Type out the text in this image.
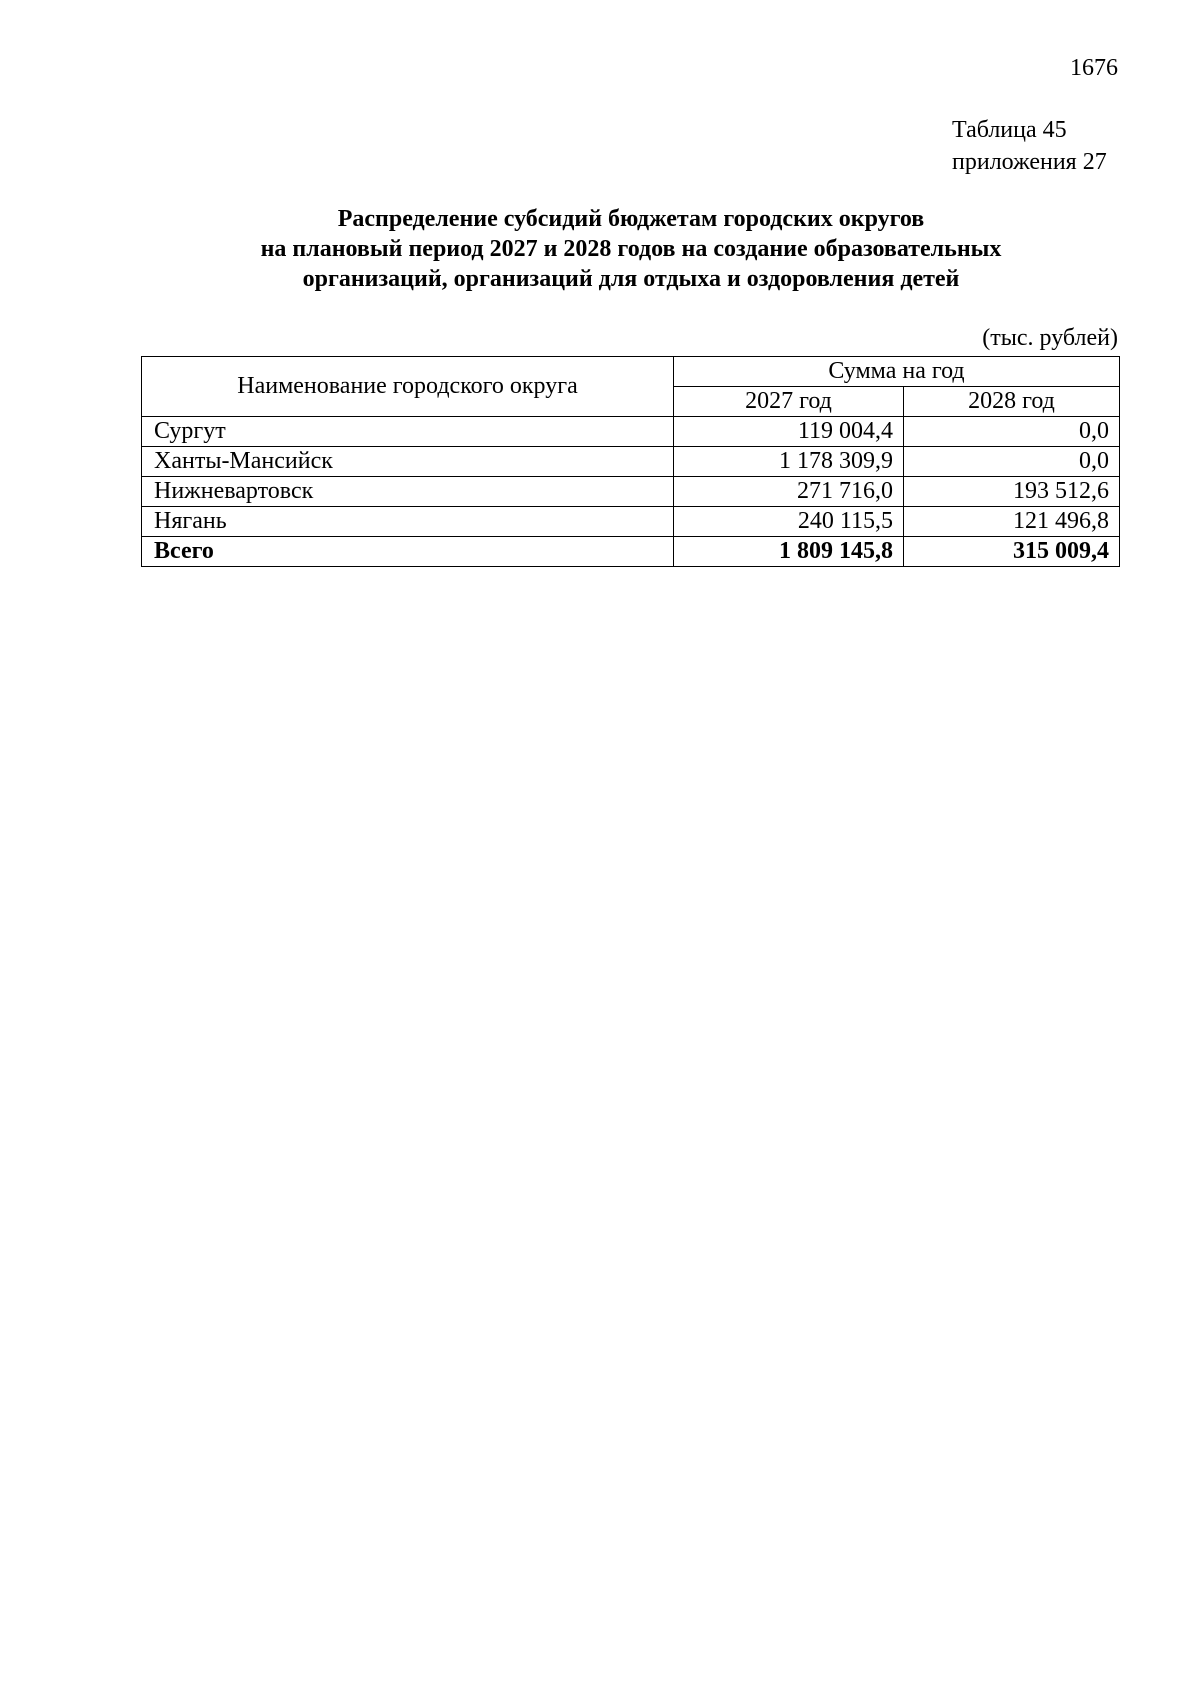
1676
Таблица 45
приложения 27
Распределение субсидий бюджетам городских округов
на плановый период 2027 и 2028 годов на создание образовательных
организаций, организаций для отдыха и оздоровления детей
(тыс. рублей)
Наименование городского округа	Сумма на год	
	2027 год	2028 год
Сургут	119 004,4	0,0
Ханты-Мансийск	1 178 309,9	0,0
Нижневартовск	271 716,0	193 512,6
Нягань	240 115,5	121 496,8
Всего	1 809 145,8	315 009,4
